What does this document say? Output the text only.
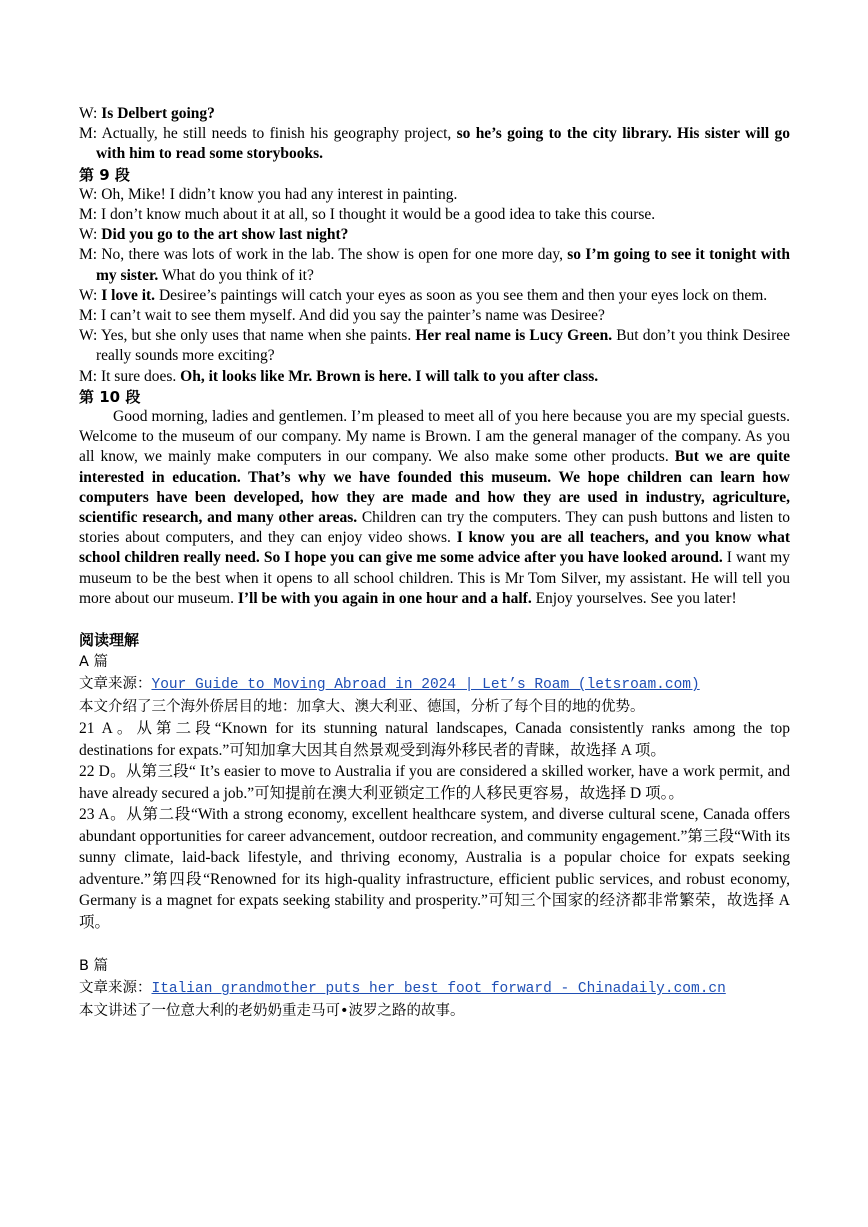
W: Is Delbert going?
M: Actually, he still needs to finish his geography project, so he’s going to the city library. His sister will go with him to read some storybooks.
第 9 段
W: Oh, Mike! I didn’t know you had any interest in painting.
M: I don’t know much about it at all, so I thought it would be a good idea to take this course.
W: Did you go to the art show last night?
M: No, there was lots of work in the lab. The show is open for one more day, so I’m going to see it tonight with my sister. What do you think of it?
W: I love it. Desiree’s paintings will catch your eyes as soon as you see them and then your eyes lock on them.
M: I can’t wait to see them myself. And did you say the painter’s name was Desiree?
W: Yes, but she only uses that name when she paints. Her real name is Lucy Green. But don’t you think Desiree really sounds more exciting?
M: It sure does. Oh, it looks like Mr. Brown is here. I will talk to you after class.
第 10 段
Good morning, ladies and gentlemen. I’m pleased to meet all of you here because you are my special guests. Welcome to the museum of our company. My name is Brown. I am the general manager of the company. As you all know, we mainly make computers in our company. We also make some other products. But we are quite interested in education. That’s why we have founded this museum. We hope children can learn how computers have been developed, how they are made and how they are used in industry, agriculture, scientific research, and many other areas. Children can try the computers. They can push buttons and listen to stories about computers, and they can enjoy video shows. I know you are all teachers, and you know what school children really need. So I hope you can give me some advice after you have looked around. I want my museum to be the best when it opens to all school children. This is Mr Tom Silver, my assistant. He will tell you more about our museum. I’ll be with you again in one hour and a half. Enjoy yourselves. See you later!
阅读理解
A 篇
文章来源：Your Guide to Moving Abroad in 2024 | Let’s Roam (letsroam.com)
本文介绍了三个海外侨居目的地：加拿大、澳大利亚、德国，分析了每个目的地的优势。
21 A。从第二段“Known for its stunning natural landscapes, Canada consistently ranks among the top destinations for expats.”可知加拿大因其自然景观受到海外移民者的青睐，故选择 A 项。
22 D。从第三段“ It’s easier to move to Australia if you are considered a skilled worker, have a work permit, and have already secured a job.”可知提前在澳大利亚锁定工作的人移民更容易，故选择 D 项。。
23 A。从第二段“With a strong economy, excellent healthcare system, and diverse cultural scene, Canada offers abundant opportunities for career advancement, outdoor recreation, and community engagement.”第三段“With its sunny climate, laid-back lifestyle, and thriving economy, Australia is a popular choice for expats seeking adventure.”第四段“Renowned for its high-quality infrastructure, efficient public services, and robust economy, Germany is a magnet for expats seeking stability and prosperity.”可知三个国家的经济都非常繁荣，故选择 A 项。
B 篇
文章来源：Italian grandmother puts her best foot forward - Chinadaily.com.cn
本文讲述了一位意大利的老奶奶重走马可•波罗之路的故事。
